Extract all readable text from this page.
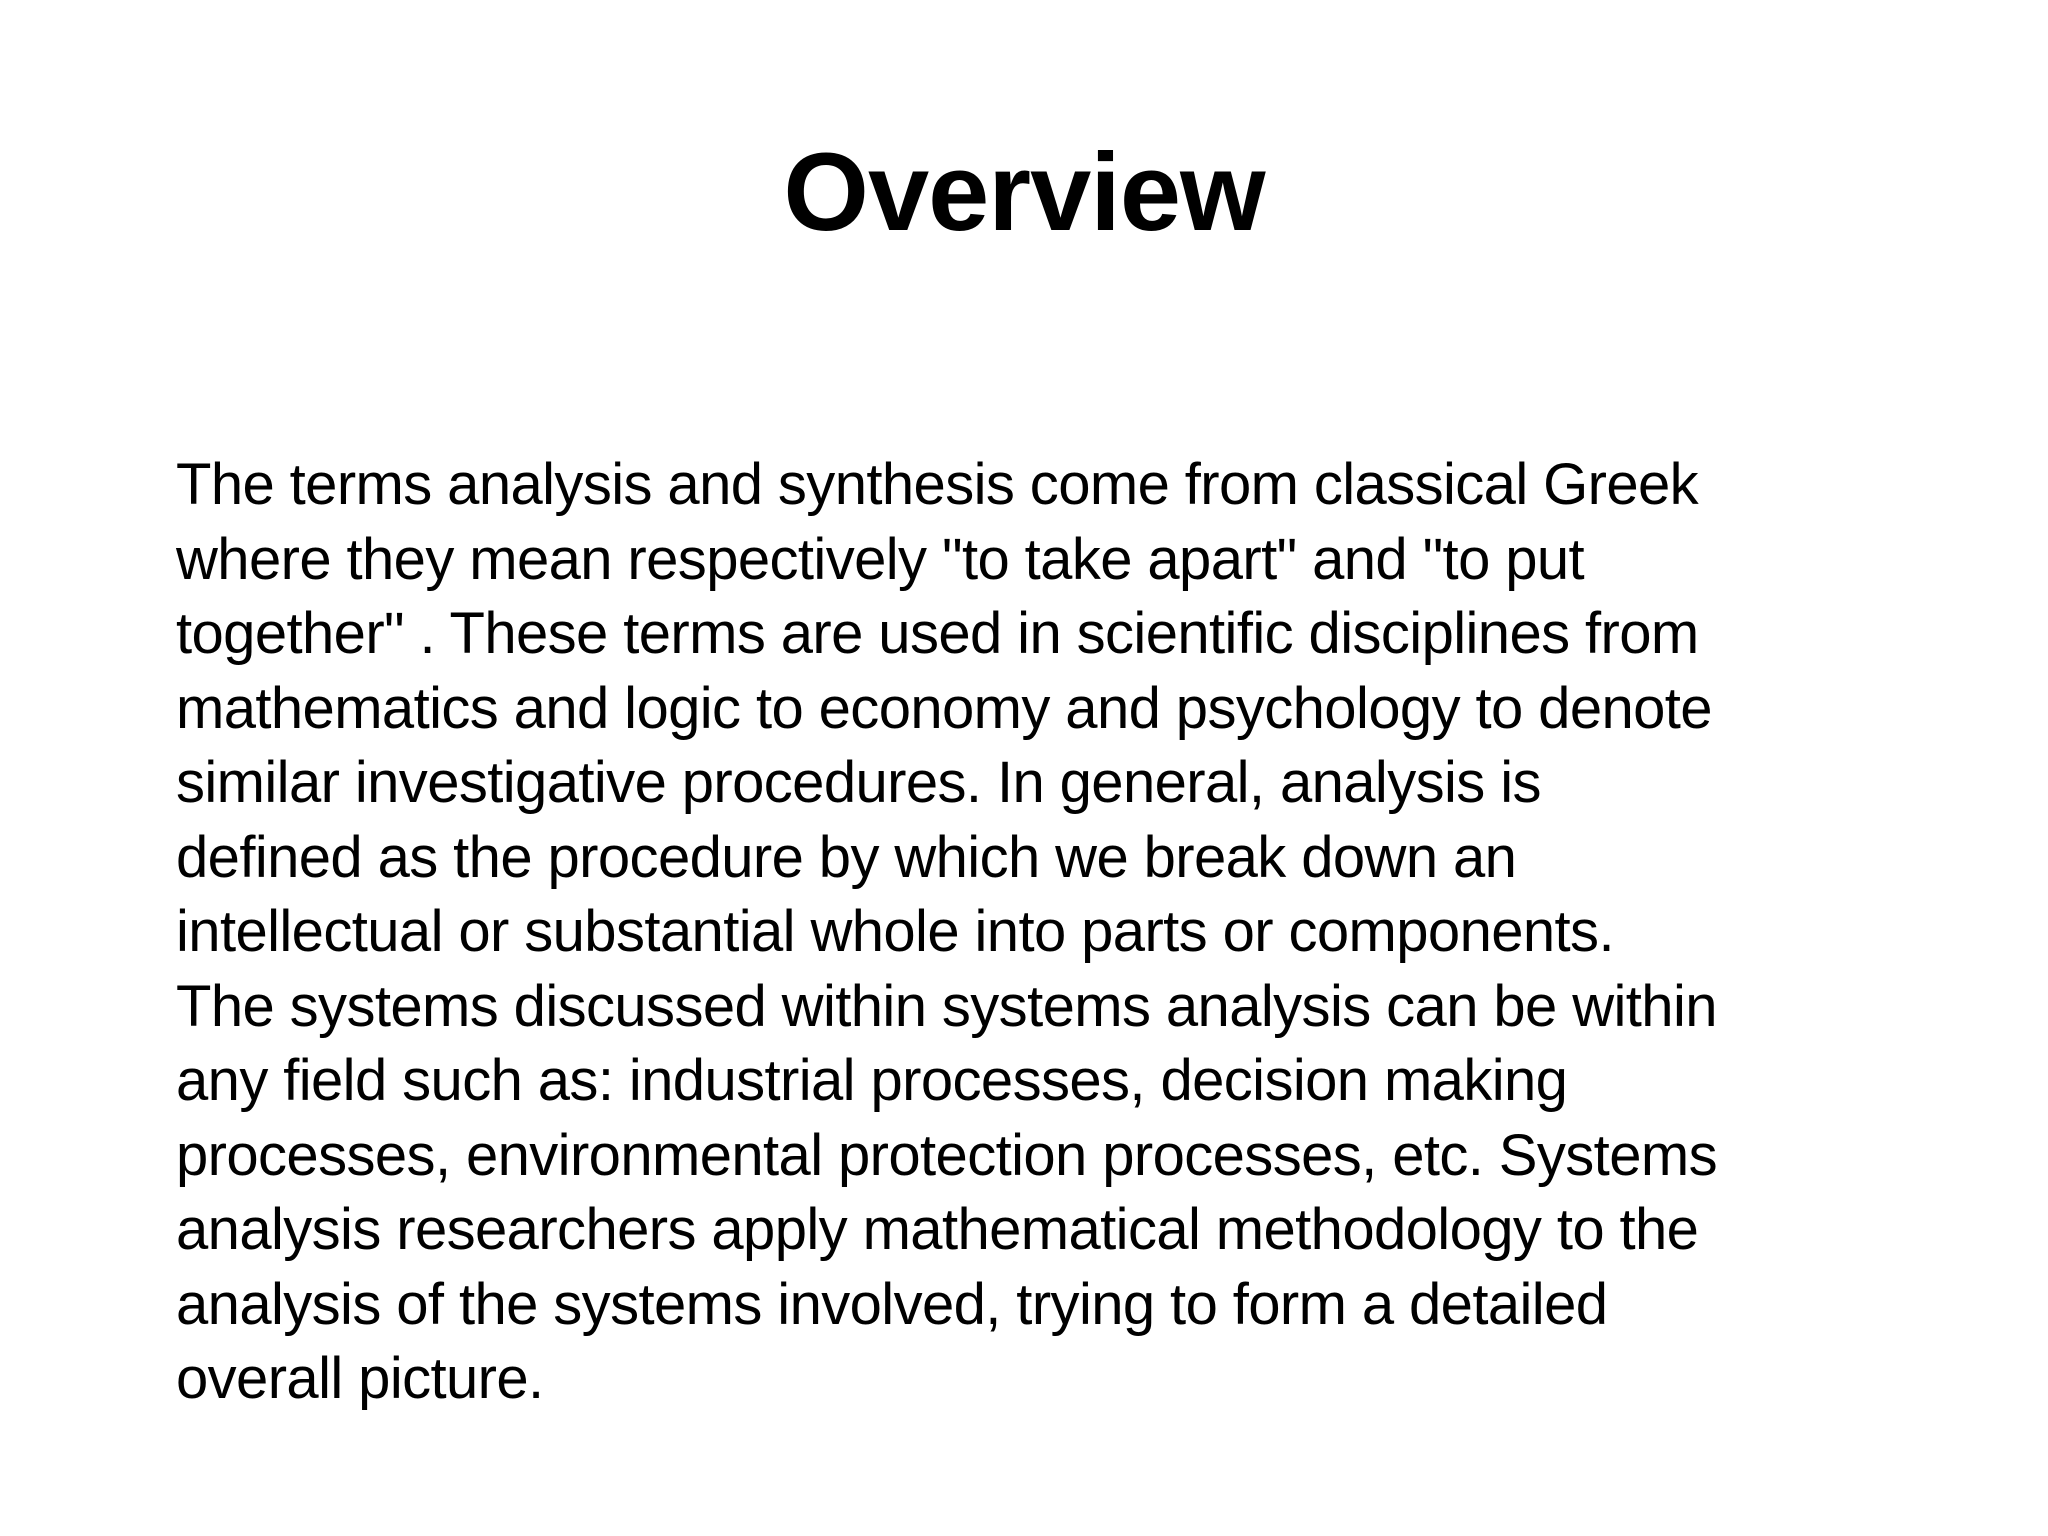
Overview
The terms analysis and synthesis come from classical Greek
where they mean respectively "to take apart" and "to put
together" . These terms are used in scientific disciplines from
mathematics and logic to economy and psychology to denote
similar investigative procedures. In general, analysis is
defined as the procedure by which we break down an
intellectual or substantial whole into parts or components.
The systems discussed within systems analysis can be within
any field such as: industrial processes, decision making
processes, environmental protection processes, etc. Systems
analysis researchers apply mathematical methodology to the
analysis of the systems involved, trying to form a detailed
overall picture.
